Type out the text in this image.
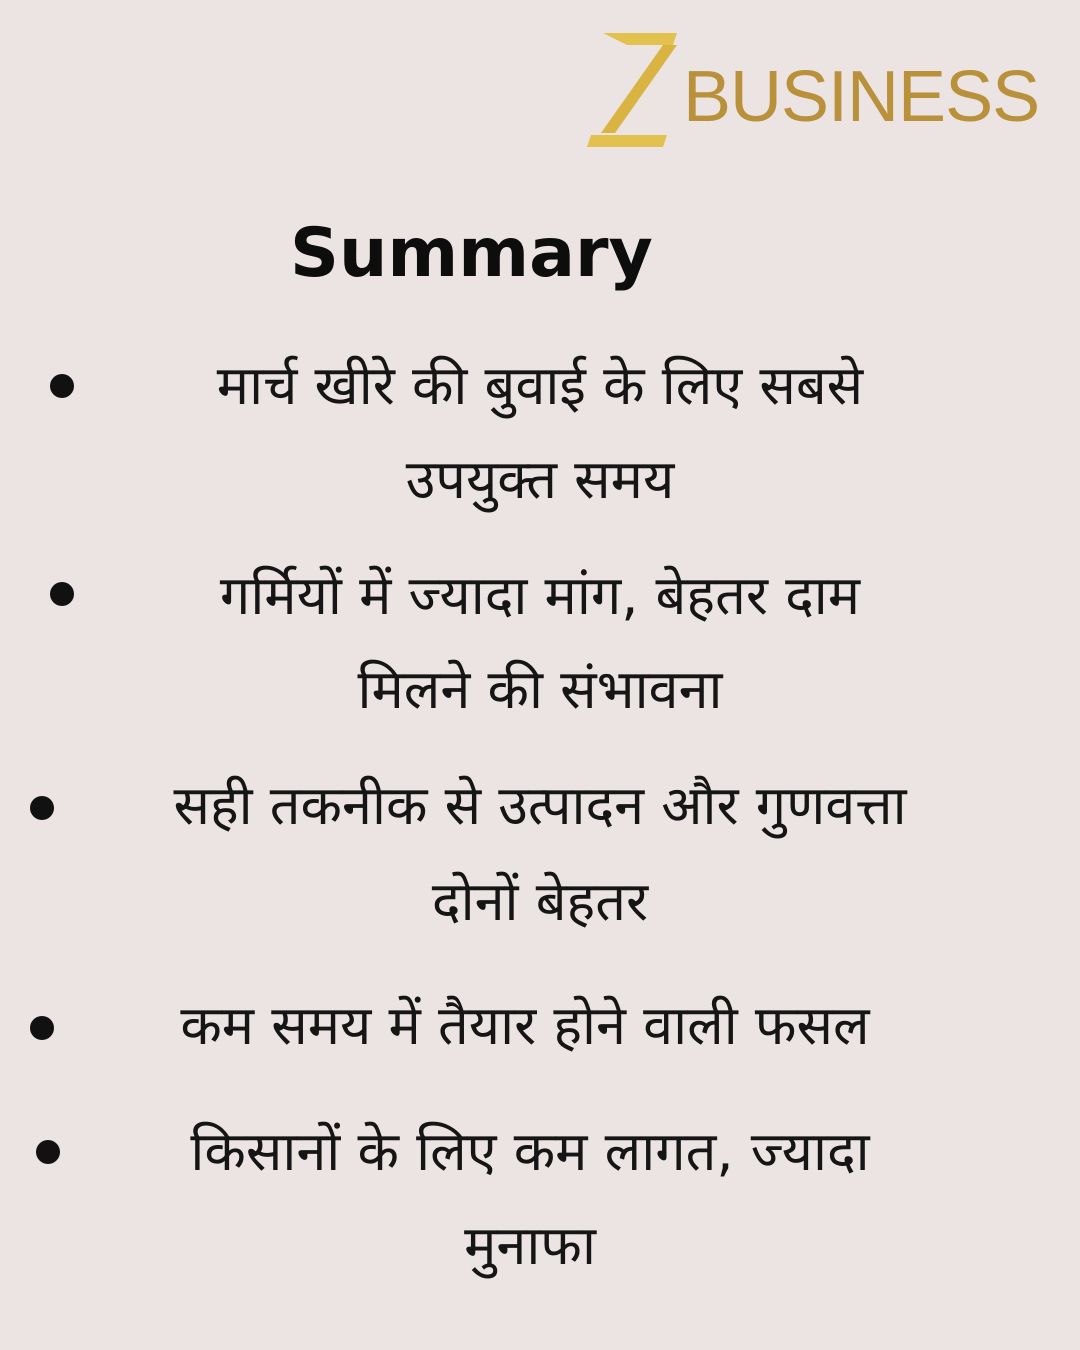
BUSINESS
Summary
मार्च खीरे की बुवाई के लिए सबसे
उपयुक्त समय
गर्मियों में ज्यादा मांग, बेहतर दाम
मिलने की संभावना
सही तकनीक से उत्पादन और गुणवत्ता
दोनों बेहतर
कम समय में तैयार होने वाली फसल
किसानों के लिए कम लागत, ज्यादा
मुनाफा
